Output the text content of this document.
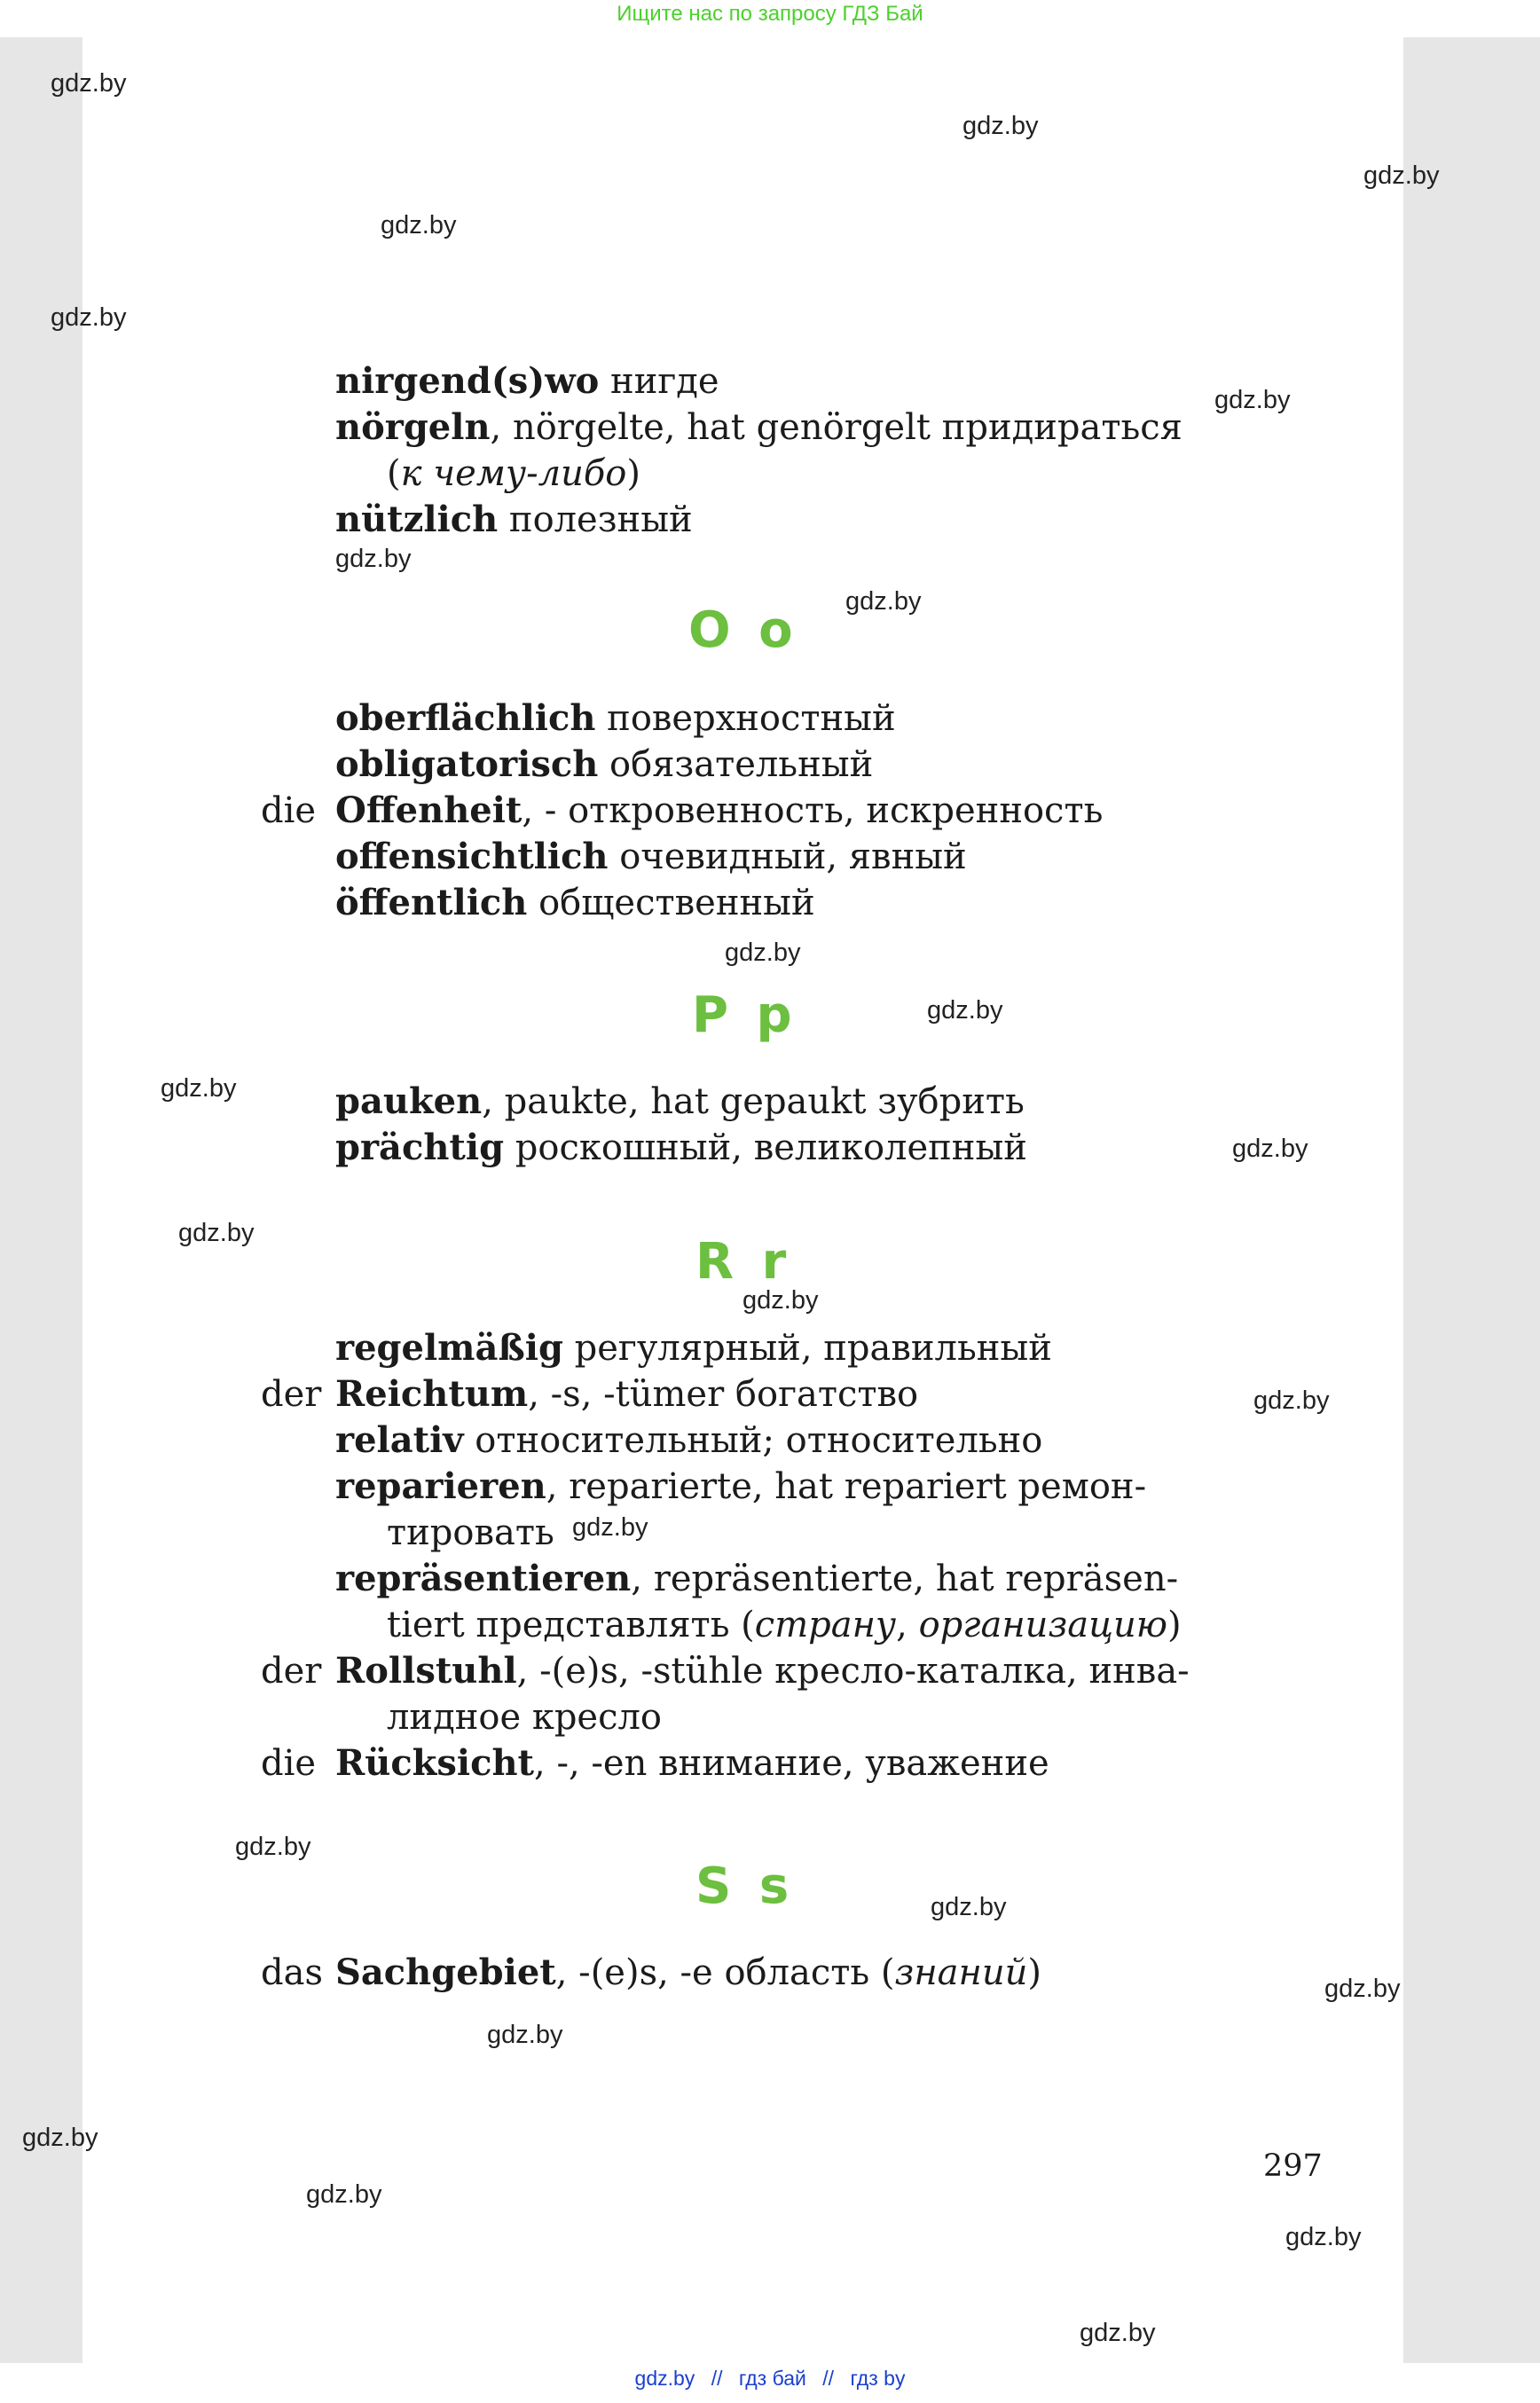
Ищите нас по запросу ГДЗ Бай
gdz.by
gdz.by
gdz.by
gdz.by
gdz.by
gdz.by
gdz.by
gdz.by
gdz.by
gdz.by
gdz.by
gdz.by
gdz.by
gdz.by
gdz.by
gdz.by
gdz.by
gdz.by
gdz.by
gdz.by
gdz.by
gdz.by
gdz.by
gdz.by
nirgend(s)wo нигде
nörgeln, nörgelte, hat genörgelt придираться
(к чему-либо)
nützlich полезный
O o
oberflächlich поверхностный
obligatorisch обязательный
die Offenheit, - откровенность, искренность
offensichtlich очевидный, явный
öffentlich общественный
P p
pauken, paukte, hat gepaukt зубрить
prächtig роскошный, великолепный
R r
regelmäßig регулярный, правильный
der Reichtum, -s, -tümer богатство
relativ относительный; относительно
reparieren, reparierte, hat repariert ремон-
тировать
repräsentieren, repräsentierte, hat repräsen-
tiert представлять (страну, организацию)
der Rollstuhl, -(e)s, -stühle кресло-каталка, инва-
лидное кресло
die Rücksicht, -, -en внимание, уважение
S s
das Sachgebiet, -(e)s, -e область (знаний)
297
gdz.by // гдз бай // гдз by
